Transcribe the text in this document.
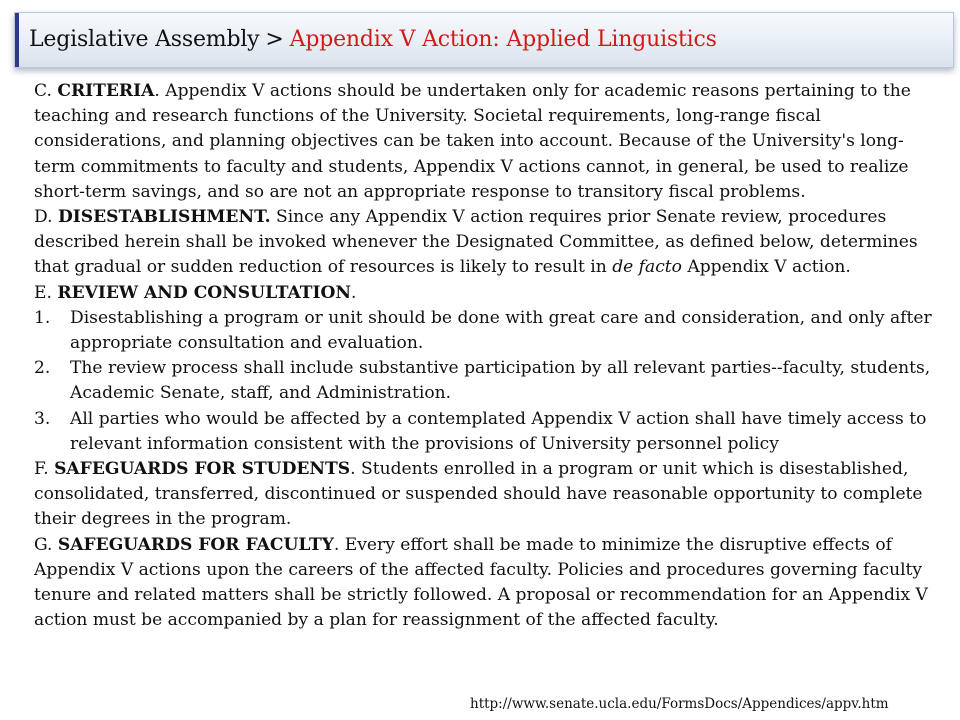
Legislative Assembly > Appendix V Action: Applied Linguistics

C. CRITERIA. Appendix V actions should be undertaken only for academic reasons pertaining to the teaching and research functions of the University. Societal requirements, long-range fiscal considerations, and planning objectives can be taken into account. Because of the University's long-term commitments to faculty and students, Appendix V actions cannot, in general, be used to realize short-term savings, and so are not an appropriate response to transitory fiscal problems.

D. DISESTABLISHMENT. Since any Appendix V action requires prior Senate review, procedures described herein shall be invoked whenever the Designated Committee, as defined below, determines that gradual or sudden reduction of resources is likely to result in de facto Appendix V action.

E. REVIEW AND CONSULTATION.

1. Disestablishing a program or unit should be done with great care and consideration, and only after appropriate consultation and evaluation.
2. The review process shall include substantive participation by all relevant parties--faculty, students, Academic Senate, staff, and Administration.
3. All parties who would be affected by a contemplated Appendix V action shall have timely access to relevant information consistent with the provisions of University personnel policy

F. SAFEGUARDS FOR STUDENTS. Students enrolled in a program or unit which is disestablished, consolidated, transferred, discontinued or suspended should have reasonable opportunity to complete their degrees in the program.

G. SAFEGUARDS FOR FACULTY. Every effort shall be made to minimize the disruptive effects of Appendix V actions upon the careers of the affected faculty. Policies and procedures governing faculty tenure and related matters shall be strictly followed. A proposal or recommendation for an Appendix V action must be accompanied by a plan for reassignment of the affected faculty.

http://www.senate.ucla.edu/FormsDocs/Appendices/appv.htm
